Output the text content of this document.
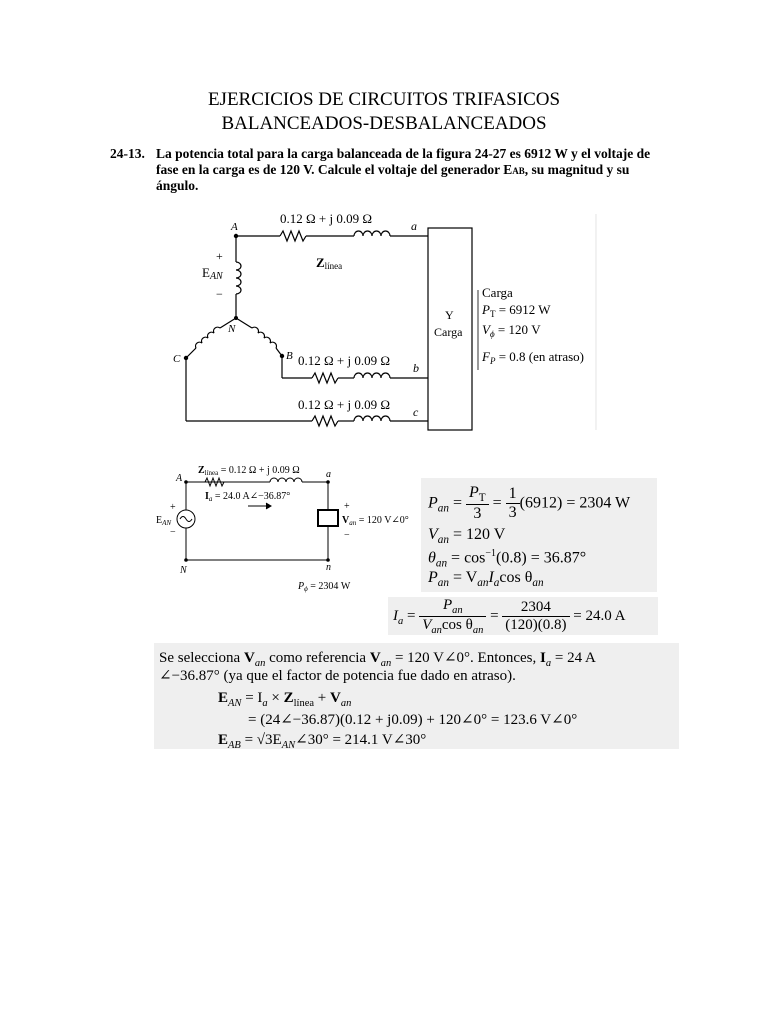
EJERCICIOS DE CIRCUITOS TRIFASICOS
BALANCEADOS-DESBALANCEADOS
24-13. La potencia total para la carga balanceada de la figura 24-27 es 6912 W y el voltaje de fase en la carga es de 120 V. Calcule el voltaje del generador Eab, su magnitud y su ángulo.
0.12 Ω + j 0.09 Ω
0.12 Ω + j 0.09 Ω
0.12 Ω + j 0.09 Ω
A
B
C
N
a
b
c
+
−
EAN
Zlínea
Y
Carga
Carga
$P_T = 6912$ W
$V_\phi = 120$ V
$F_P = 0.8$ (en atraso)
$Z_{línea} = 0.12$ Ω + j 0.09 Ω
$I_a = 24.0$ A∠−36.87°
A	a
N	n
$E_{AN}$
+
−
+
−
$V_{an} = 120$ V∠0°
$P_\phi = 2304$ W
$P_{an} = \frac{P_T}{3} = \frac{1}{3} (6912) = 2304$ W
$V_{an} = 120$ V
$\theta_{an} = \cos^{-1}(0.8) = 36.87^\circ$
$P_{an} = V_{an}I_a\cos$ $\theta_{an}$
$I_a = \frac{P_{an}}{V_{an}\cos \theta_{an}} = \frac{2304}{(120)(0.8)} = 24.0$ A
Se selecciona $V_{an}$ como referencia $V_{an} = 120$ V∠0°. Entonces, $I_a = 24$ A
∠−36.87° (ya que el factor de potencia fue dado en atraso).
$E_{AN} = I_a \times Z_{línea} + V_{an}$
= (24∠−36.87)(0.12 + j0.09) + 120∠0° = 123.6 V∠0°
$E_{AB}$ = $√3E_{AN}\angle 30^\circ = 214.1$ V∠30°
